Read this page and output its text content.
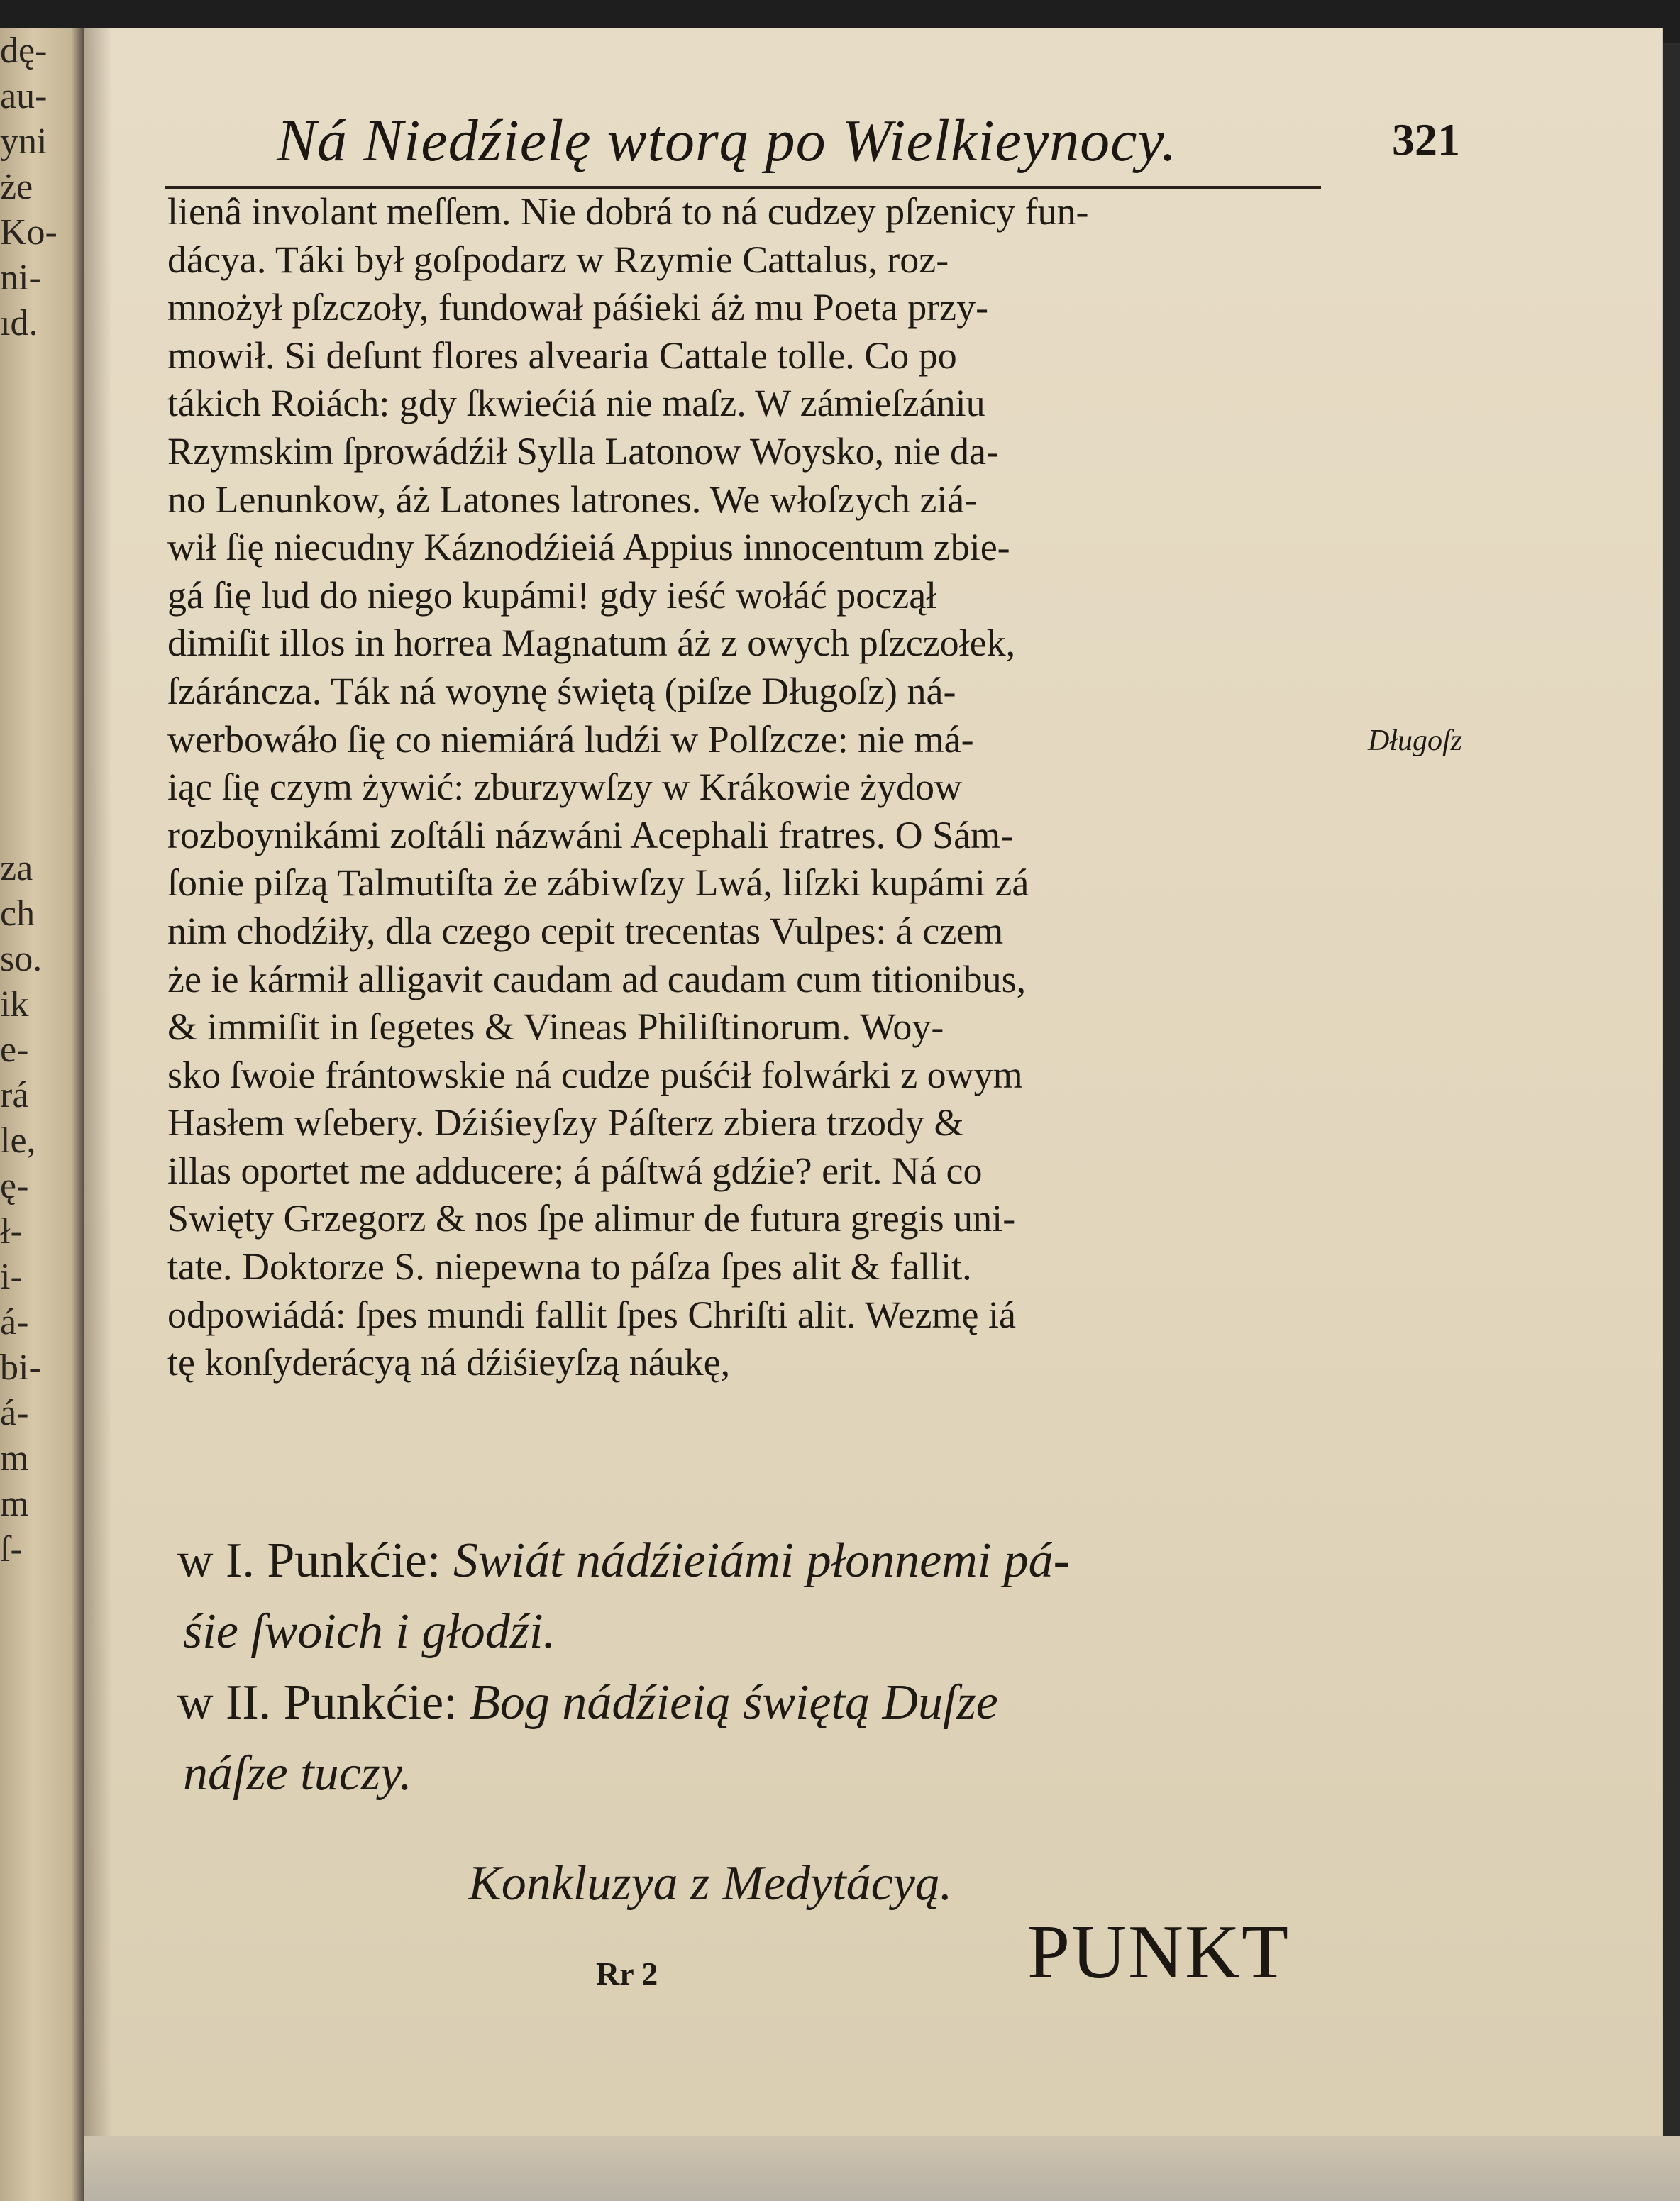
dę-
au-
yni
że
Ko-
ni-
ıd.
za
ch
so.
ik
e-
rá
le,
ę-
ł-
i-
á-
bi-
á-
m
m
ſ-
Ná Niedźielę wtorą po Wielkieynocy.	321
lienâ involant meſſem. Nie dobrá to ná cudzey pſzenicy fun-
dácya. Táki był goſpodarz w Rzymie Cattalus, roz-
mnożył pſzczoły, fundował páśieki áż mu Poeta przy-
mowił. Si deſunt flores alvearia Cattale tolle. Co po
tákich Roiách: gdy ſkwiećiá nie maſz. W zámieſzániu
Rzymskim ſprowádźił Sylla Latonow Woysko, nie da-
no Lenunkow, áż Latones latrones. We włoſzych ziá-
wił ſię niecudny Káznodźieiá Appius innocentum zbie-
gá ſię lud do niego kupámi! gdy ieść wołáć począł
dimiſit illos in horrea Magnatum áż z owych pſzczołek,
ſzáráncza. Ták ná woynę świętą (piſze Długoſz) ná-
werbowáło ſię co niemiárá ludźi w Polſzcze: nie má-
iąc ſię czym żywić: zburzywſzy w Krákowie żydow
rozboynikámi zoſtáli názwáni Acephali fratres. O Sám-
ſonie piſzą Talmutiſta że zábiwſzy Lwá, liſzki kupámi zá
nim chodźiły, dla czego cepit trecentas Vulpes: á czem
że ie kármił alligavit caudam ad caudam cum titionibus,
& immiſit in ſegetes & Vineas Philiſtinorum. Woy-
sko ſwoie frántowskie ná cudze puśćił folwárki z owym
Hasłem wſebery. Dźiśieyſzy Páſterz zbiera trzody &
illas oportet me adducere; á páſtwá gdźie? erit. Ná co
Swięty Grzegorz & nos ſpe alimur de futura gregis uni-
tate. Doktorze S. niepewna to páſza ſpes alit & fallit.
odpowiádá: ſpes mundi fallit ſpes Chriſti alit. Wezmę iá
tę konſyderácyą ná dźiśieyſzą náukę,
Długoſz
w I. Punkćie: Swiát nádźieiámi płonnemi pá-
śie ſwoich i głodźi.
w II. Punkćie: Bog nádźieią świętą Duſze
náſze tuczy.
Konkluzya z Medytácyą.
Rr 2	PUNKT
